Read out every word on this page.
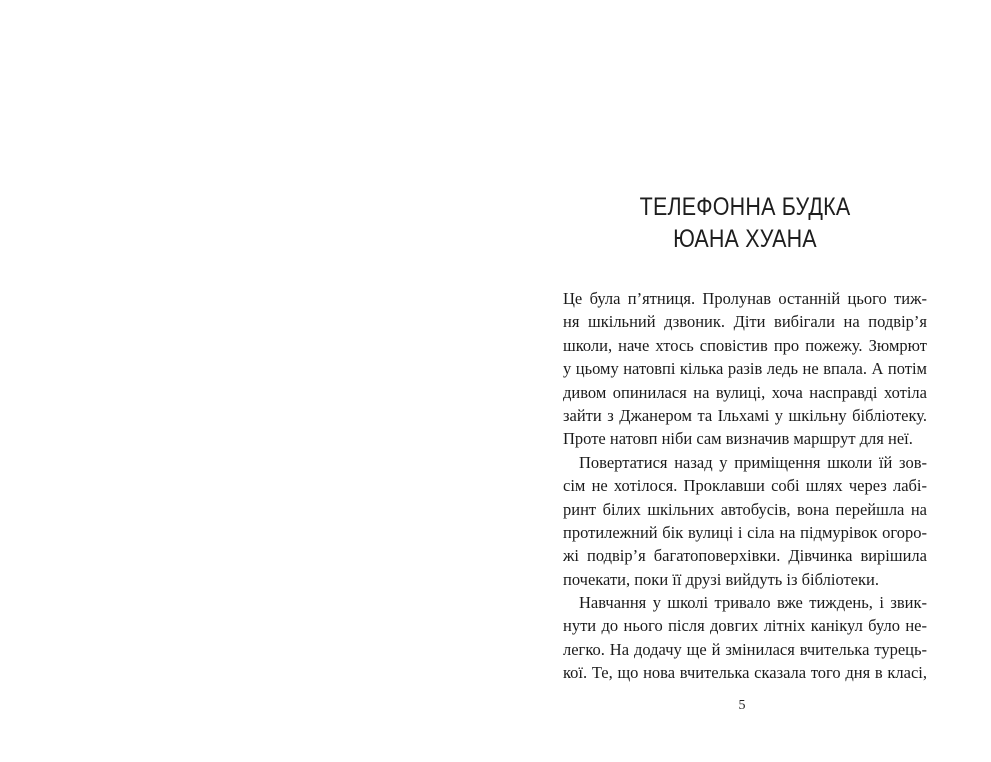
ТЕЛЕФОННА БУДКА
ЮАНА ХУАНА
Це була п’ятниця. Пролунав останній цього тиж-
ня шкільний дзвоник. Діти вибігали на подвір’я
школи, наче хтось сповістив про пожежу. Зюмрют
у цьому натовпі кілька разів ледь не впала. А потім
дивом опинилася на вулиці, хоча насправді хотіла
зайти з Джанером та Ільхамі у шкільну бібліотеку.
Проте натовп ніби сам визначив маршрут для неї.
Повертатися назад у приміщення школи їй зов-
сім не хотілося. Проклавши собі шлях через лабі-
ринт білих шкільних автобусів, вона перейшла на
протилежний бік вулиці і сіла на підмурівок огоро-
жі подвір’я багатоповерхівки. Дівчинка вирішила
почекати, поки її друзі вийдуть із бібліотеки.
Навчання у школі тривало вже тиждень, і звик-
нути до нього після довгих літніх канікул було не-
легко. На додачу ще й змінилася вчителька турець-
кої. Те, що нова вчителька сказала того дня в класі,
5
